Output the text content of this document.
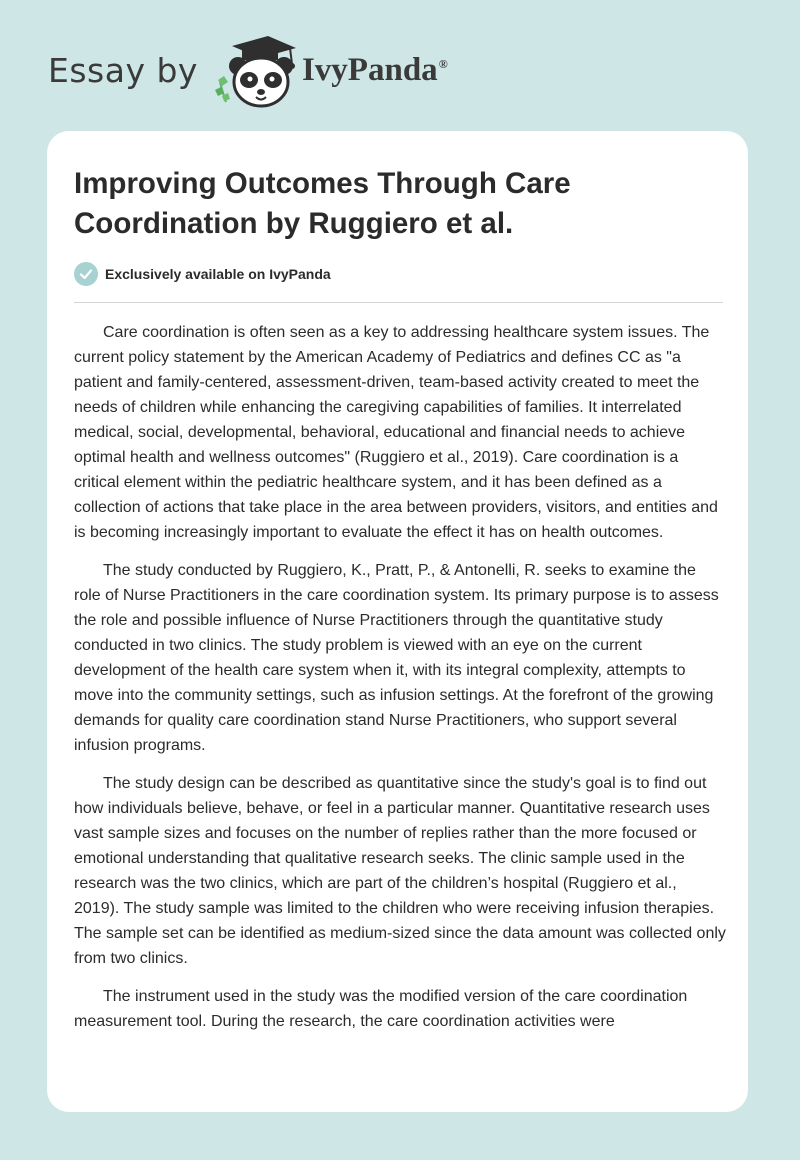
Essay by	IvyPanda®
Improving Outcomes Through Care Coordination by Ruggiero et al.
Exclusively available on IvyPanda

Care coordination is often seen as a key to addressing healthcare system issues. The current policy statement by the American Academy of Pediatrics and defines CC as "a patient and family-centered, assessment-driven, team-based activity created to meet the needs of children while enhancing the caregiving capabilities of families. It interrelated medical, social, developmental, behavioral, educational and financial needs to achieve optimal health and wellness outcomes" (Ruggiero et al., 2019). Care coordination is a critical element within the pediatric healthcare system, and it has been defined as a collection of actions that take place in the area between providers, visitors, and entities and is becoming increasingly important to evaluate the effect it has on health outcomes.

The study conducted by Ruggiero, K., Pratt, P., & Antonelli, R. seeks to examine the role of Nurse Practitioners in the care coordination system. Its primary purpose is to assess the role and possible influence of Nurse Practitioners through the quantitative study conducted in two clinics. The study problem is viewed with an eye on the current development of the health care system when it, with its integral complexity, attempts to move into the community settings, such as infusion settings. At the forefront of the growing demands for quality care coordination stand Nurse Practitioners, who support several infusion programs.

The study design can be described as quantitative since the study's goal is to find out how individuals believe, behave, or feel in a particular manner. Quantitative research uses vast sample sizes and focuses on the number of replies rather than the more focused or emotional understanding that qualitative research seeks. The clinic sample used in the research was the two clinics, which are part of the children’s hospital (Ruggiero et al., 2019). The study sample was limited to the children who were receiving infusion therapies. The sample set can be identified as medium-sized since the data amount was collected only from two clinics.

The instrument used in the study was the modified version of the care coordination measurement tool. During the research, the care coordination activities were
